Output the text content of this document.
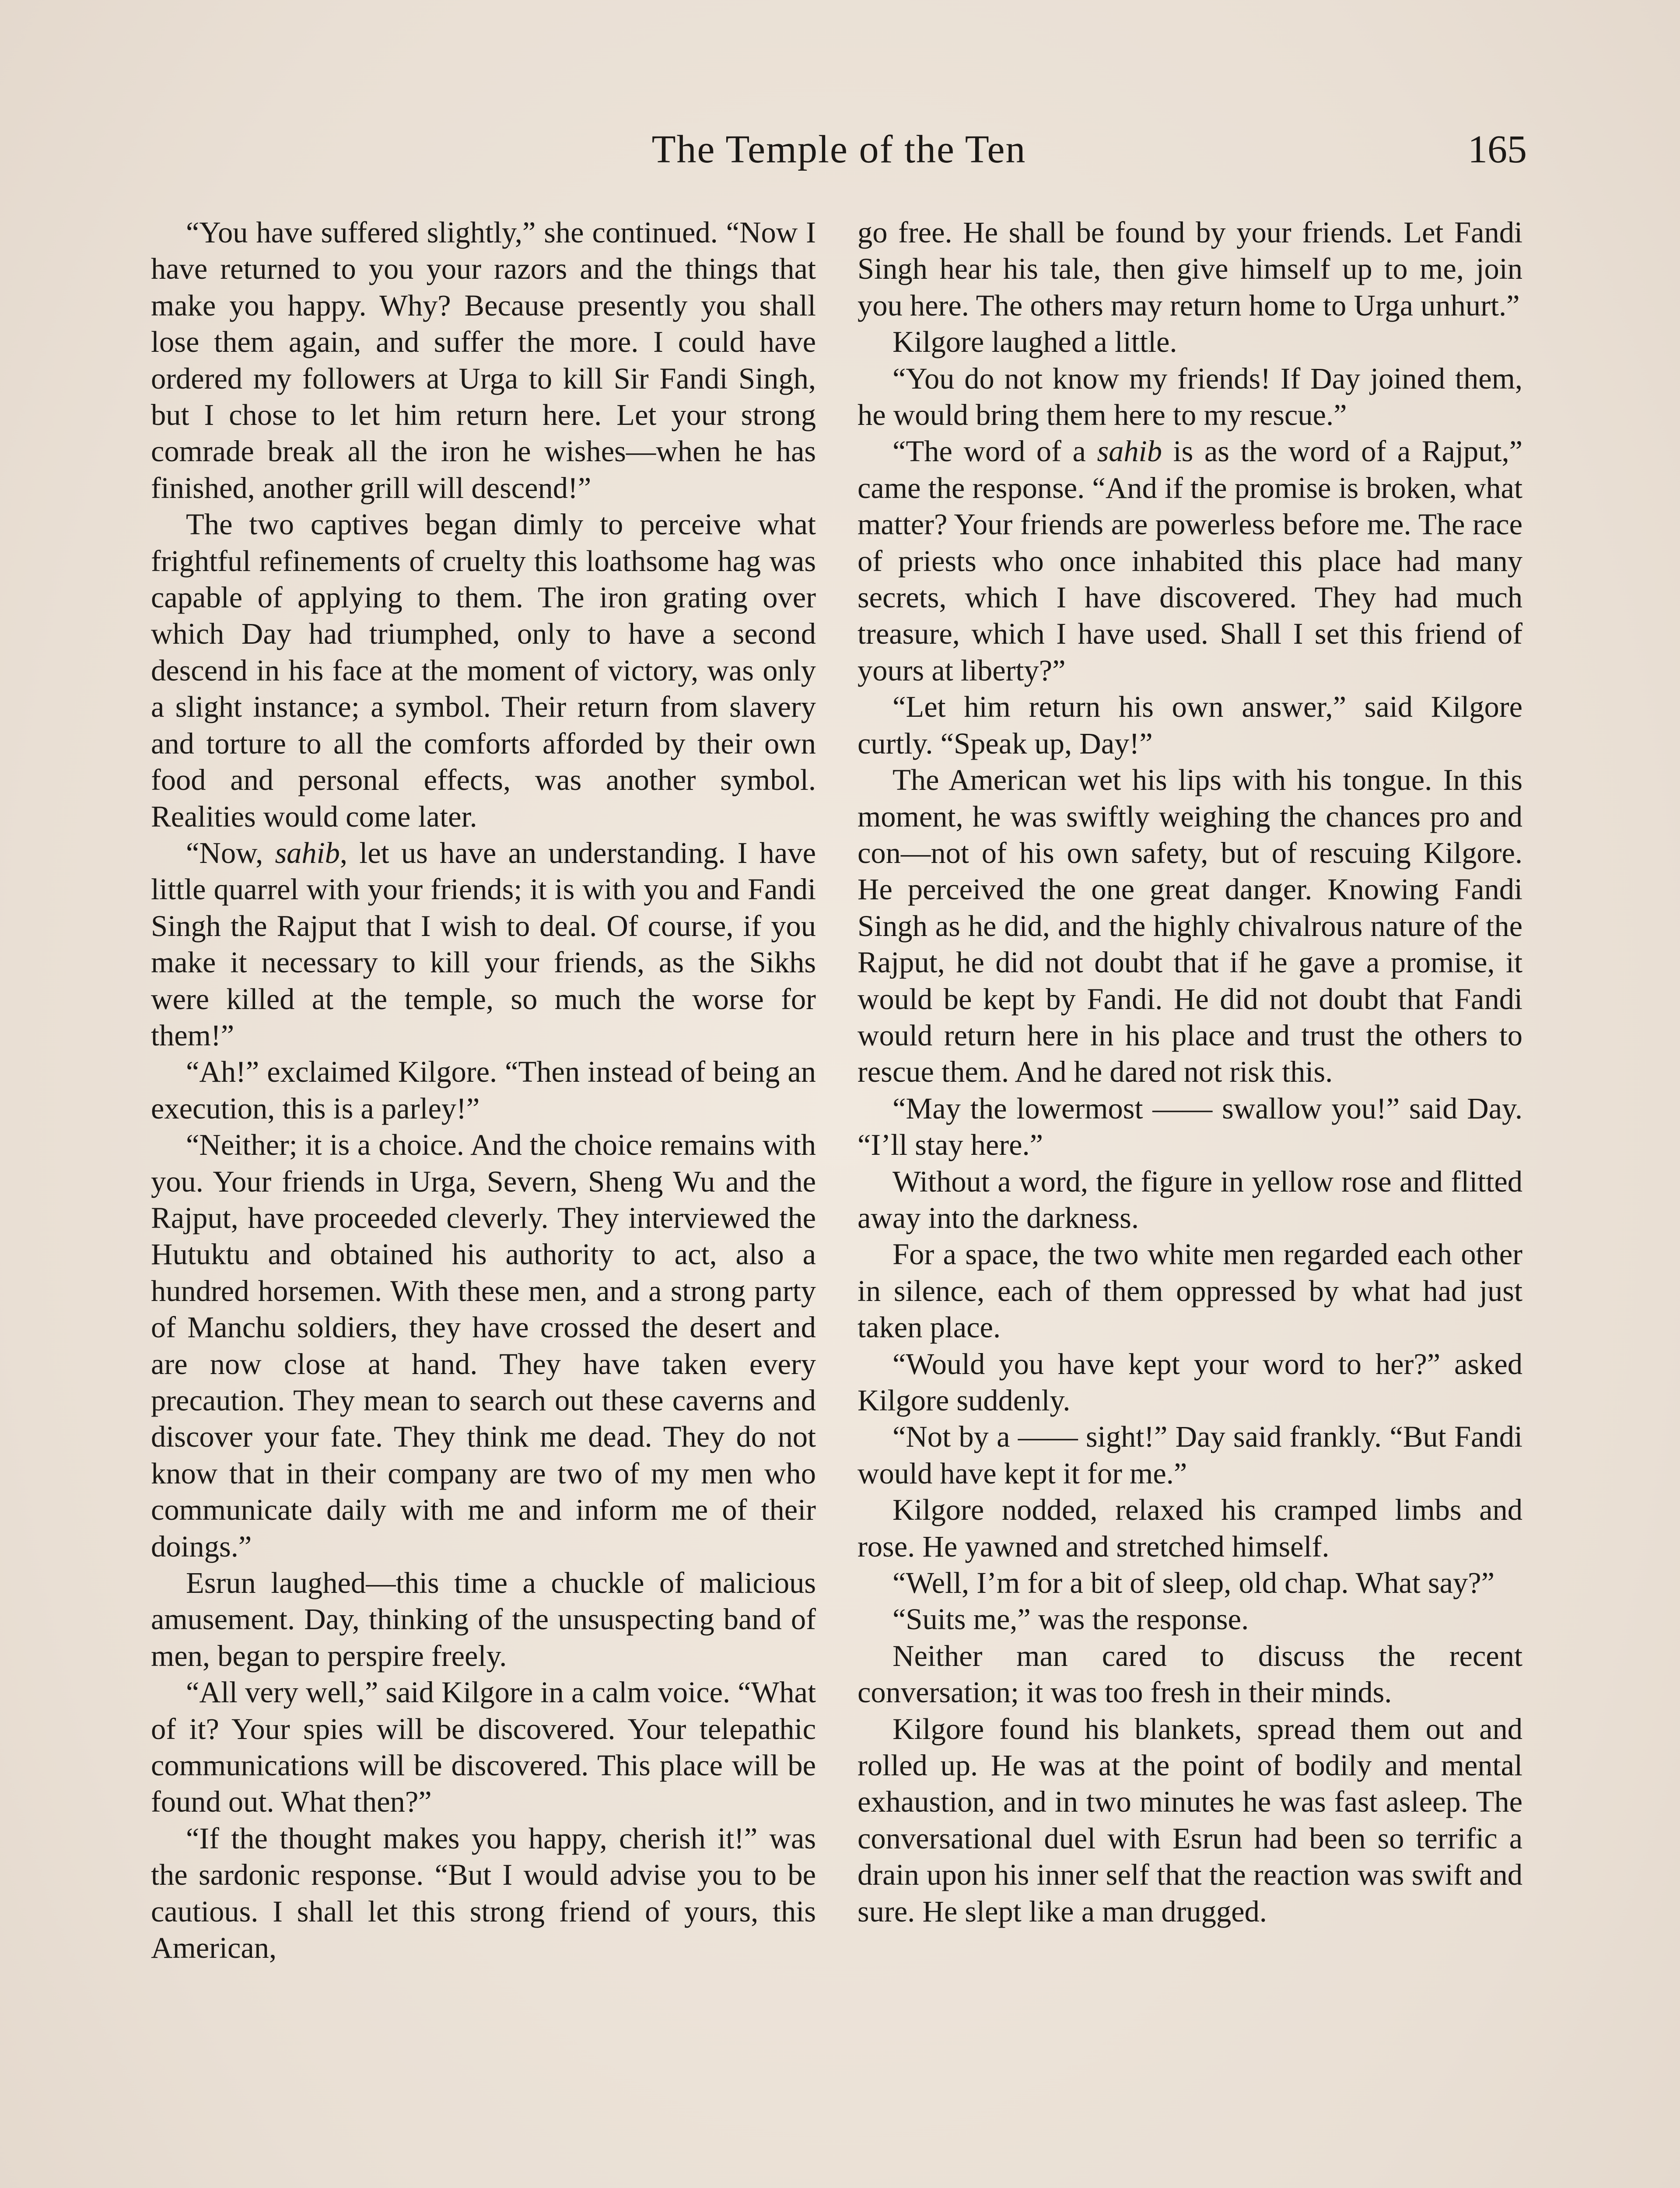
The Temple of the Ten	165

“You have suffered slightly,” she continued. “Now I have returned to you your razors and the things that make you happy. Why? Because presently you shall lose them again, and suffer the more. I could have ordered my followers at Urga to kill Sir Fandi Singh, but I chose to let him return here. Let your strong comrade break all the iron he wishes—when he has finished, another grill will descend!”

The two captives began dimly to perceive what frightful refinements of cruelty this loathsome hag was capable of applying to them. The iron grating over which Day had triumphed, only to have a second descend in his face at the moment of victory, was only a slight instance; a symbol. Their return from slavery and torture to all the comforts afforded by their own food and personal effects, was another symbol. Realities would come later.

“Now, sahib, let us have an understanding. I have little quarrel with your friends; it is with you and Fandi Singh the Rajput that I wish to deal. Of course, if you make it necessary to kill your friends, as the Sikhs were killed at the temple, so much the worse for them!”

“Ah!” exclaimed Kilgore. “Then instead of being an execution, this is a parley!”

“Neither; it is a choice. And the choice remains with you. Your friends in Urga, Severn, Sheng Wu and the Rajput, have proceeded cleverly. They interviewed the Hutuktu and obtained his authority to act, also a hundred horsemen. With these men, and a strong party of Manchu soldiers, they have crossed the desert and are now close at hand. They have taken every precaution. They mean to search out these caverns and discover your fate. They think me dead. They do not know that in their company are two of my men who communicate daily with me and inform me of their doings.”

Esrun laughed—this time a chuckle of malicious amusement. Day, thinking of the unsuspecting band of men, began to perspire freely.

“All very well,” said Kilgore in a calm voice. “What of it? Your spies will be discovered. Your telepathic communications will be discovered. This place will be found out. What then?”

“If the thought makes you happy, cherish it!” was the sardonic response. “But I would advise you to be cautious. I shall let this strong friend of yours, this American,

go free. He shall be found by your friends. Let Fandi Singh hear his tale, then give himself up to me, join you here. The others may return home to Urga unhurt.”

Kilgore laughed a little.

“You do not know my friends! If Day joined them, he would bring them here to my rescue.”

“The word of a sahib is as the word of a Rajput,” came the response. “And if the promise is broken, what matter? Your friends are powerless before me. The race of priests who once inhabited this place had many secrets, which I have discovered. They had much treasure, which I have used. Shall I set this friend of yours at liberty?”

“Let him return his own answer,” said Kilgore curtly. “Speak up, Day!”

The American wet his lips with his tongue. In this moment, he was swiftly weighing the chances pro and con—not of his own safety, but of rescuing Kilgore. He perceived the one great danger. Knowing Fandi Singh as he did, and the highly chivalrous nature of the Rajput, he did not doubt that if he gave a promise, it would be kept by Fandi. He did not doubt that Fandi would return here in his place and trust the others to rescue them. And he dared not risk this.

“May the lowermost —— swallow you!” said Day. “I’ll stay here.”

Without a word, the figure in yellow rose and flitted away into the darkness.

For a space, the two white men regarded each other in silence, each of them oppressed by what had just taken place.

“Would you have kept your word to her?” asked Kilgore suddenly.

“Not by a —— sight!” Day said frankly. “But Fandi would have kept it for me.”

Kilgore nodded, relaxed his cramped limbs and rose. He yawned and stretched himself.

“Well, I’m for a bit of sleep, old chap. What say?”

“Suits me,” was the response.

Neither man cared to discuss the recent conversation; it was too fresh in their minds.

Kilgore found his blankets, spread them out and rolled up. He was at the point of bodily and mental exhaustion, and in two minutes he was fast asleep. The conversational duel with Esrun had been so terrific a drain upon his inner self that the reaction was swift and sure. He slept like a man drugged.
